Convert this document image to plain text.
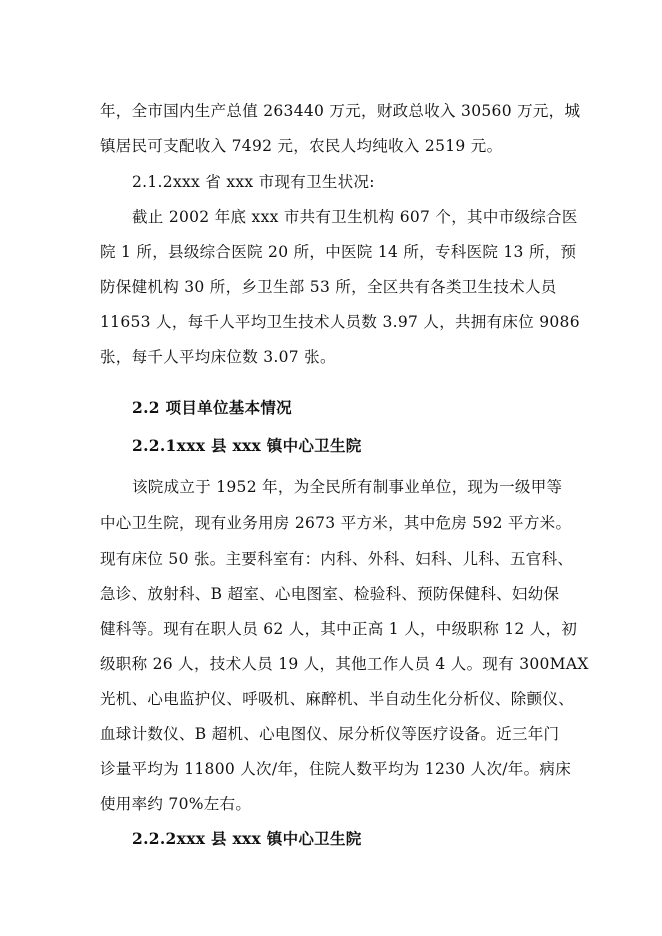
年，全市国内生产总值 263440 万元，财政总收入 30560 万元，城
镇居民可支配收入 7492 元，农民人均纯收入 2519 元。
2.1.2xxx 省 xxx 市现有卫生状况:
截止 2002 年底 xxx 市共有卫生机构 607 个，其中市级综合医
院 1 所，县级综合医院 20 所，中医院 14 所，专科医院 13 所，预
防保健机构 30 所，乡卫生部 53 所，全区共有各类卫生技术人员
11653 人，每千人平均卫生技术人员数 3.97 人，共拥有床位 9086
张，每千人平均床位数 3.07 张。
2.2 项目单位基本情况
2.2.1xxx 县 xxx 镇中心卫生院
该院成立于 1952 年，为全民所有制事业单位，现为一级甲等
中心卫生院，现有业务用房 2673 平方米，其中危房 592 平方米。
现有床位 50 张。主要科室有：内科、外科、妇科、儿科、五官科、
急诊、放射科、B 超室、心电图室、检验科、预防保健科、妇幼保
健科等。现有在职人员 62 人，其中正高 1 人，中级职称 12 人，初
级职称 26 人，技术人员 19 人，其他工作人员 4 人。现有 300MAX
光机、心电监护仪、呼吸机、麻醉机、半自动生化分析仪、除颤仪、
血球计数仪、B 超机、心电图仪、尿分析仪等医疗设备。近三年门
诊量平均为 11800 人次/年，住院人数平均为 1230 人次/年。病床
使用率约 70%左右。
2.2.2xxx 县 xxx 镇中心卫生院
